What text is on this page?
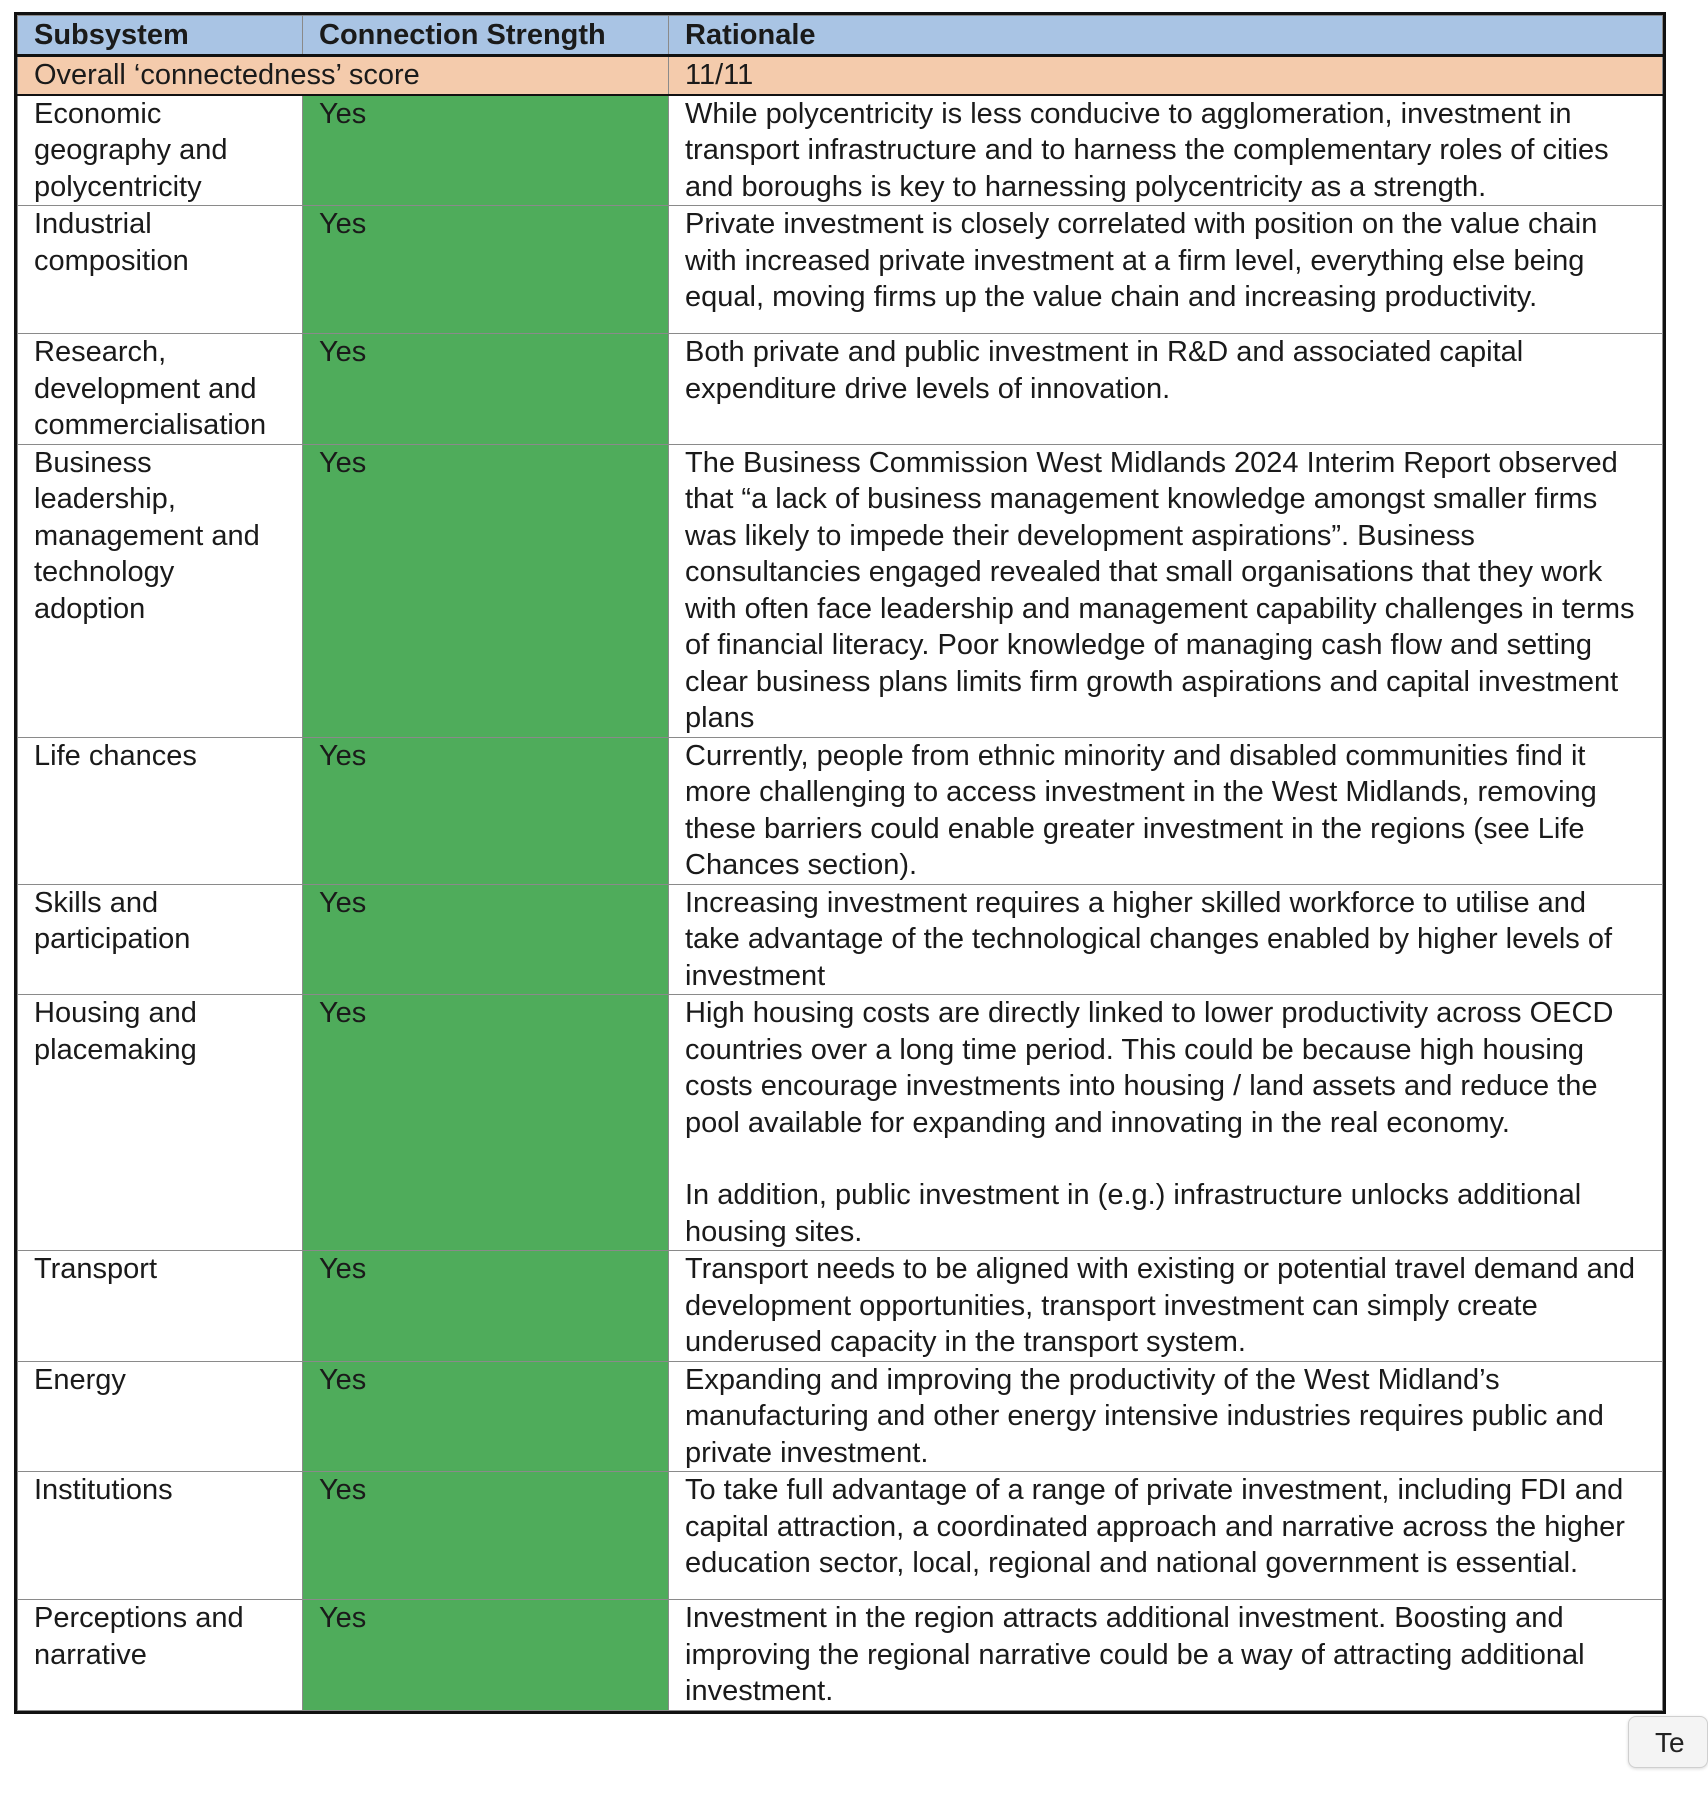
Subsystem	Connection Strength	Rationale
Overall ‘connectedness’ score		11/11
Economic geography and polycentricity	Yes	While polycentricity is less conducive to agglomeration, investment in transport infrastructure and to harness the complementary roles of cities and boroughs is key to harnessing polycentricity as a strength.

Industrial composition	Yes	Private investment is closely correlated with position on the value chain with increased private investment at a firm level, everything else being equal, moving firms up the value chain and increasing productivity.

Research, development and commercialisation	Yes	Both private and public investment in R&D and associated capital expenditure drive levels of innovation.

Business leadership, management and technology adoption	Yes	The Business Commission West Midlands 2024 Interim Report observed that “a lack of business management knowledge amongst smaller firms was likely to impede their development aspirations”. Business consultancies engaged revealed that small organisations that they work with often face leadership and management capability challenges in terms of financial literacy. Poor knowledge of managing cash flow and setting clear business plans limits firm growth aspirations and capital investment plans

Life chances	Yes	Currently, people from ethnic minority and disabled communities find it more challenging to access investment in the West Midlands, removing these barriers could enable greater investment in the regions (see Life Chances section).

Skills and participation	Yes	Increasing investment requires a higher skilled workforce to utilise and take advantage of the technological changes enabled by higher levels of investment

Housing and placemaking	Yes	High housing costs are directly linked to lower productivity across OECD countries over a long time period. This could be because high housing costs encourage investments into housing / land assets and reduce the pool available for expanding and innovating in the real economy.
In addition, public investment in (e.g.) infrastructure unlocks additional housing sites.

Transport	Yes	Transport needs to be aligned with existing or potential travel demand and development opportunities, transport investment can simply create underused capacity in the transport system.

Energy	Yes	Expanding and improving the productivity of the West Midland’s manufacturing and other energy intensive industries requires public and private investment.

Institutions	Yes	To take full advantage of a range of private investment, including FDI and capital attraction, a coordinated approach and narrative across the higher education sector, local, regional and national government is essential.

Perceptions and narrative	Yes	Investment in the region attracts additional investment. Boosting and improving the regional narrative could be a way of attracting additional investment.
Te
